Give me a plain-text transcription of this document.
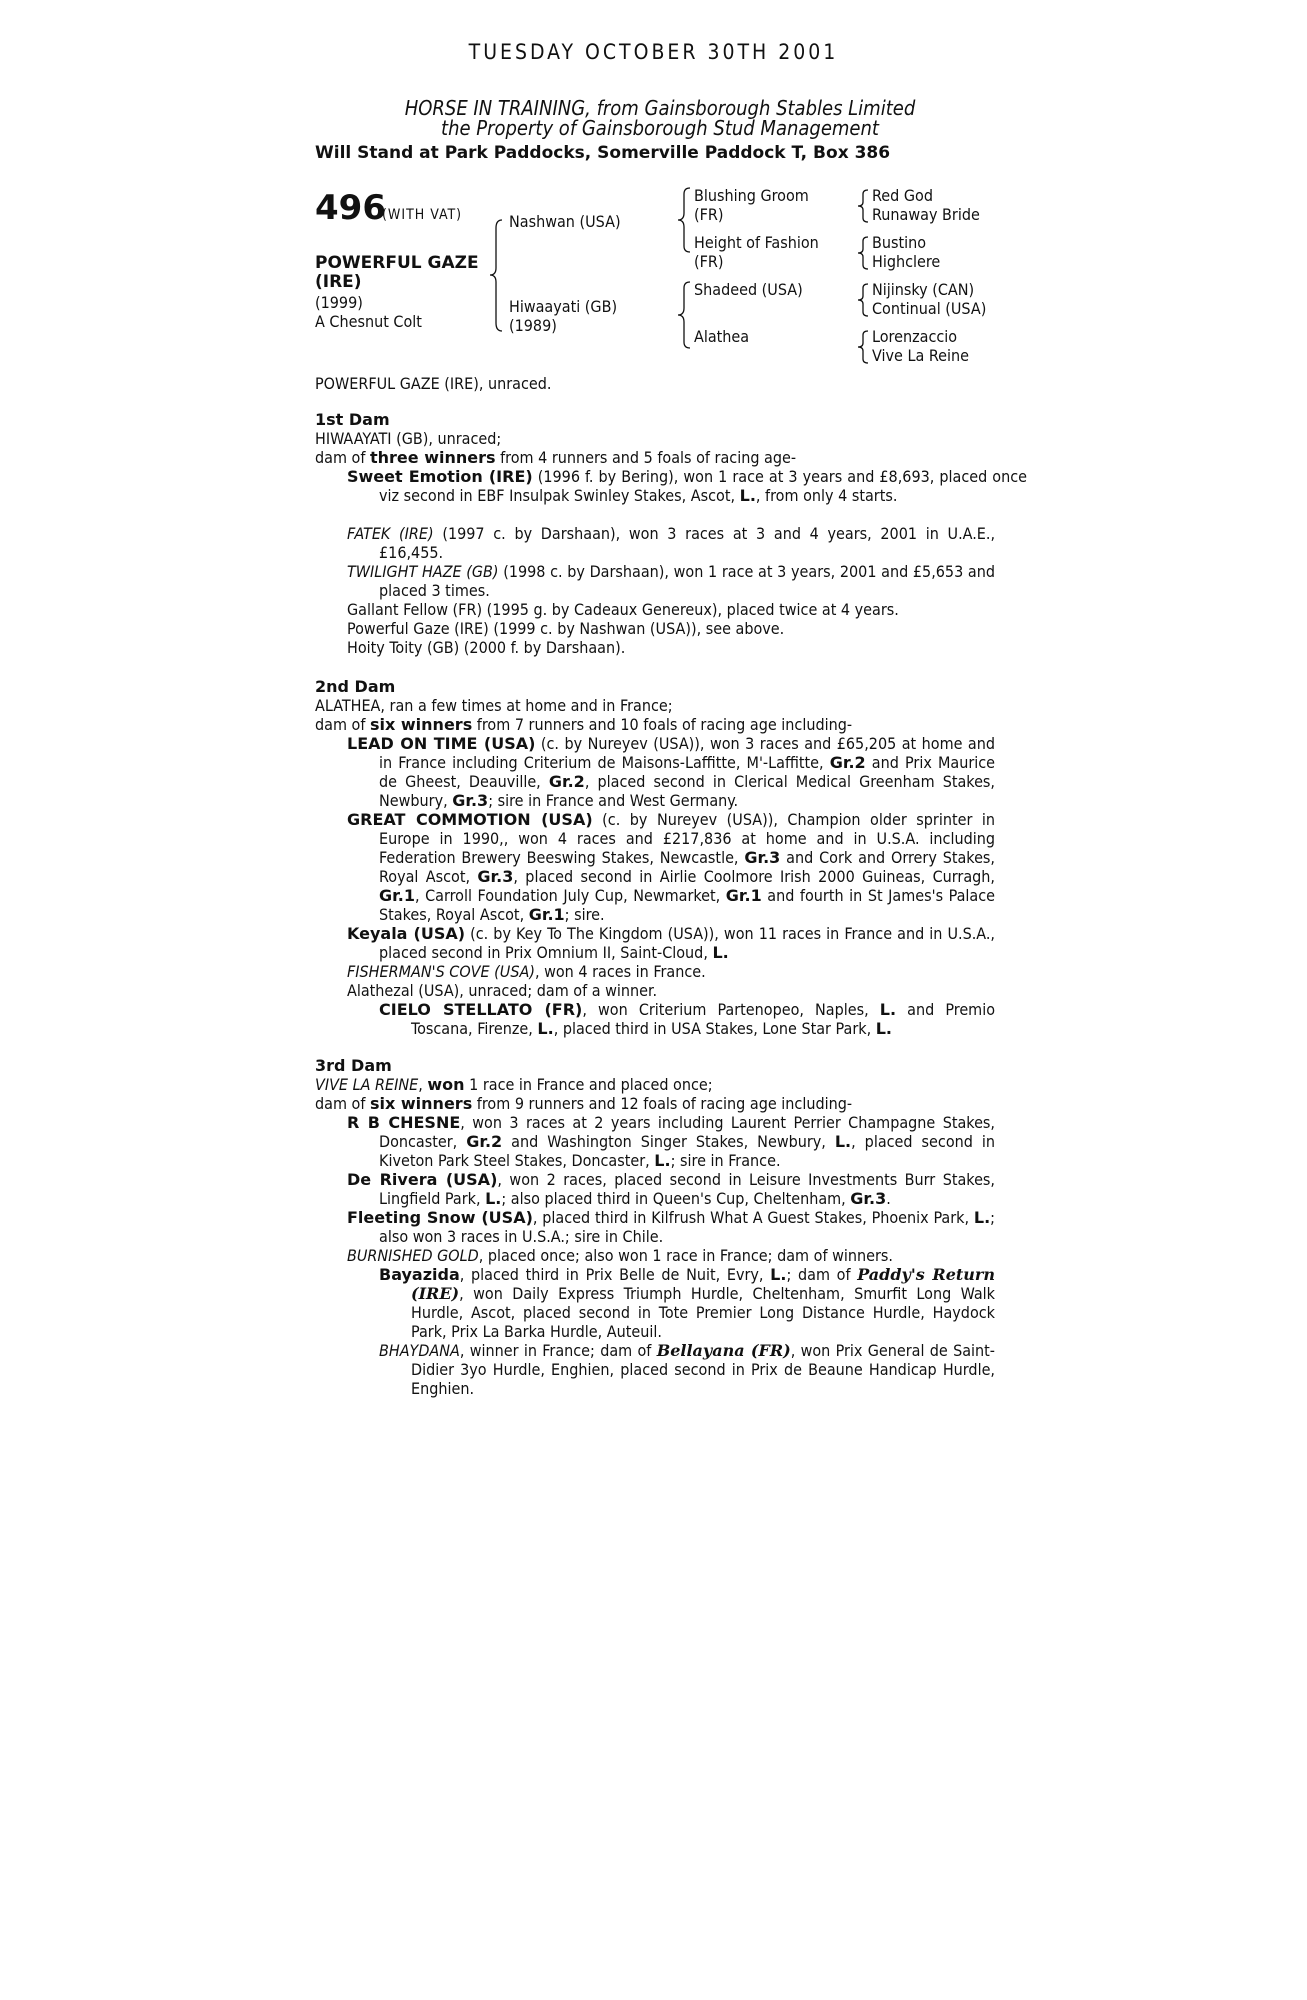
TUESDAY OCTOBER 30TH 2001
HORSE IN TRAINING, from Gainsborough Stables Limited
the Property of Gainsborough Stud Management
Will Stand at Park Paddocks, Somerville Paddock T, Box 386
496
(WITH VAT)
POWERFUL GAZE (IRE)
(1999)
A Chesnut Colt
Nashwan (USA)
Hiwaayati (GB)
(1989)
Blushing Groom
(FR)
Height of Fashion
(FR)
Shadeed (USA)
Alathea
Red God
Runaway Bride
Bustino
Highclere
Nijinsky (CAN)
Continual (USA)
Lorenzaccio
Vive La Reine
POWERFUL GAZE (IRE), unraced.
1st Dam
HIWAAYATI (GB), unraced;
dam of three winners from 4 runners and 5 foals of racing age-
Sweet Emotion (IRE) (1996 f. by Bering), won 1 race at 3 years and £8,693, placed once viz second in EBF Insulpak Swinley Stakes, Ascot, L., from only 4 starts.
FATEK (IRE) (1997 c. by Darshaan), won 3 races at 3 and 4 years, 2001 in U.A.E., £16,455.
TWILIGHT HAZE (GB) (1998 c. by Darshaan), won 1 race at 3 years, 2001 and £5,653 and placed 3 times.
Gallant Fellow (FR) (1995 g. by Cadeaux Genereux), placed twice at 4 years.
Powerful Gaze (IRE) (1999 c. by Nashwan (USA)), see above.
Hoity Toity (GB) (2000 f. by Darshaan).
2nd Dam
ALATHEA, ran a few times at home and in France;
dam of six winners from 7 runners and 10 foals of racing age including-
LEAD ON TIME (USA) (c. by Nureyev (USA)), won 3 races and £65,205 at home and in France including Criterium de Maisons-Laffitte, M'-Laffitte, Gr.2 and Prix Maurice de Gheest, Deauville, Gr.2, placed second in Clerical Medical Greenham Stakes, Newbury, Gr.3; sire in France and West Germany.
GREAT COMMOTION (USA) (c. by Nureyev (USA)), Champion older sprinter in Europe in 1990,, won 4 races and £217,836 at home and in U.S.A. including Federation Brewery Beeswing Stakes, Newcastle, Gr.3 and Cork and Orrery Stakes, Royal Ascot, Gr.3, placed second in Airlie Coolmore Irish 2000 Guineas, Curragh, Gr.1, Carroll Foundation July Cup, Newmarket, Gr.1 and fourth in St James's Palace Stakes, Royal Ascot, Gr.1; sire.
Keyala (USA) (c. by Key To The Kingdom (USA)), won 11 races in France and in U.S.A., placed second in Prix Omnium II, Saint-Cloud, L.
FISHERMAN'S COVE (USA), won 4 races in France.
Alathezal (USA), unraced; dam of a winner.
CIELO STELLATO (FR), won Criterium Partenopeo, Naples, L. and Premio Toscana, Firenze, L., placed third in USA Stakes, Lone Star Park, L.
3rd Dam
VIVE LA REINE, won 1 race in France and placed once;
dam of six winners from 9 runners and 12 foals of racing age including-
R B CHESNE, won 3 races at 2 years including Laurent Perrier Champagne Stakes, Doncaster, Gr.2 and Washington Singer Stakes, Newbury, L., placed second in Kiveton Park Steel Stakes, Doncaster, L.; sire in France.
De Rivera (USA), won 2 races, placed second in Leisure Investments Burr Stakes, Lingfield Park, L.; also placed third in Queen's Cup, Cheltenham, Gr.3.
Fleeting Snow (USA), placed third in Kilfrush What A Guest Stakes, Phoenix Park, L.; also won 3 races in U.S.A.; sire in Chile.
BURNISHED GOLD, placed once; also won 1 race in France; dam of winners.
Bayazida, placed third in Prix Belle de Nuit, Evry, L.; dam of Paddy's Return (IRE), won Daily Express Triumph Hurdle, Cheltenham, Smurfit Long Walk Hurdle, Ascot, placed second in Tote Premier Long Distance Hurdle, Haydock Park, Prix La Barka Hurdle, Auteuil.
BHAYDANA, winner in France; dam of Bellayana (FR), won Prix General de Saint-Didier 3yo Hurdle, Enghien, placed second in Prix de Beaune Handicap Hurdle, Enghien.
